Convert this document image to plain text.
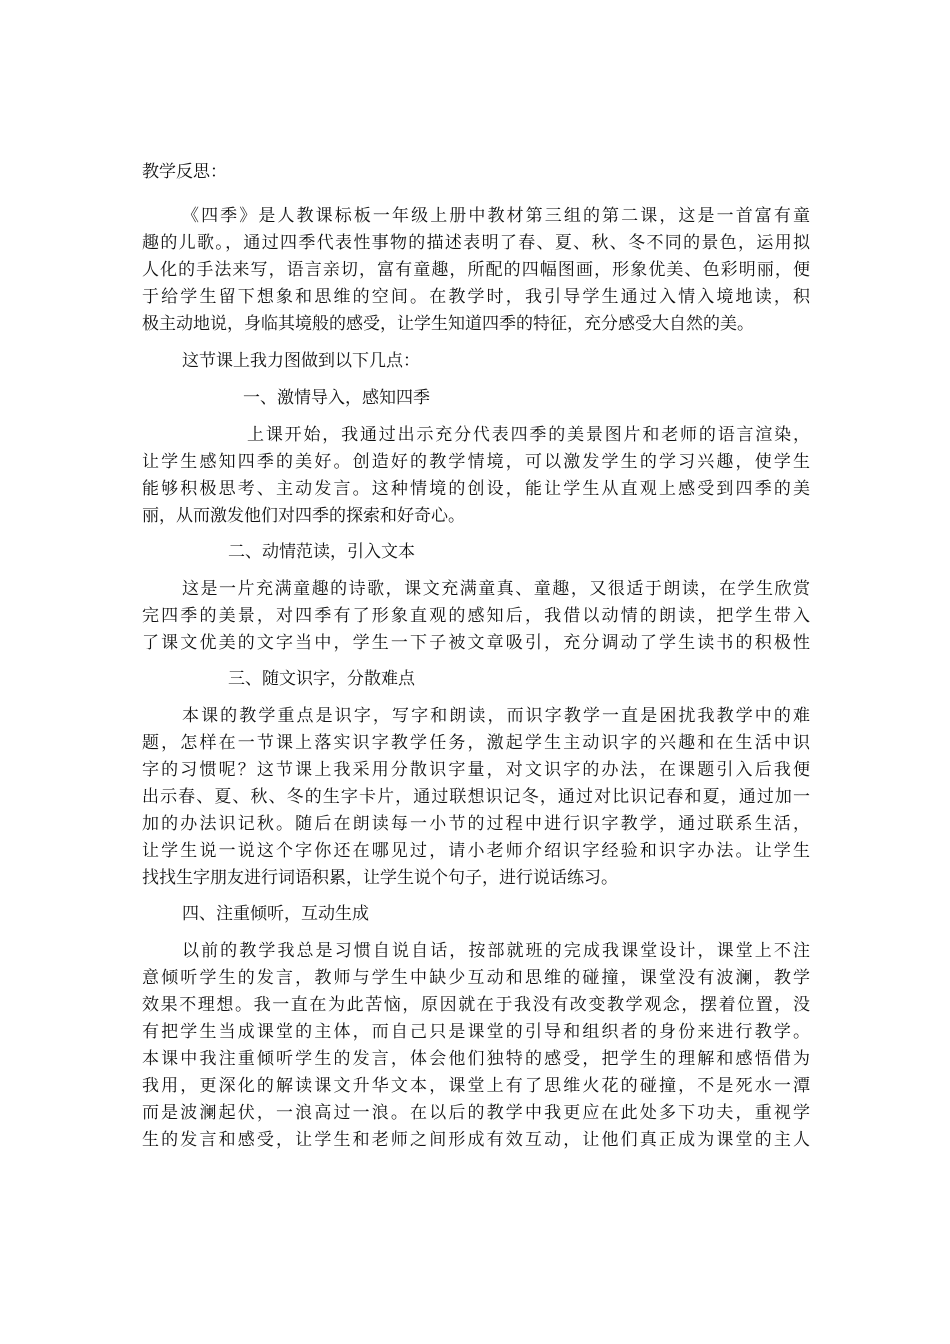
教学反思：
《四季》是人教课标板一年级上册中教材第三组的第二课，这是一首富有童
趣的儿歌。，通过四季代表性事物的描述表明了春、夏、秋、冬不同的景色，运用拟
人化的手法来写，语言亲切，富有童趣，所配的四幅图画，形象优美、色彩明丽，便
于给学生留下想象和思维的空间。在教学时，我引导学生通过入情入境地读，积
极主动地说，身临其境般的感受，让学生知道四季的特征，充分感受大自然的美。
这节课上我力图做到以下几点：
一、激情导入，感知四季
上课开始，我通过出示充分代表四季的美景图片和老师的语言渲染，
让学生感知四季的美好。创造好的教学情境，可以激发学生的学习兴趣，使学生
能够积极思考、主动发言。这种情境的创设，能让学生从直观上感受到四季的美
丽，从而激发他们对四季的探索和好奇心。
二、动情范读，引入文本
这是一片充满童趣的诗歌，课文充满童真、童趣，又很适于朗读，在学生欣赏
完四季的美景，对四季有了形象直观的感知后，我借以动情的朗读，把学生带入
了课文优美的文字当中，学生一下子被文章吸引，充分调动了学生读书的积极性
三、随文识字，分散难点
本课的教学重点是识字，写字和朗读，而识字教学一直是困扰我教学中的难
题，怎样在一节课上落实识字教学任务，激起学生主动识字的兴趣和在生活中识
字的习惯呢？这节课上我采用分散识字量，对文识字的办法，在课题引入后我便
出示春、夏、秋、冬的生字卡片，通过联想识记冬，通过对比识记春和夏，通过加一
加的办法识记秋。随后在朗读每一小节的过程中进行识字教学，通过联系生活，
让学生说一说这个字你还在哪见过，请小老师介绍识字经验和识字办法。让学生
找找生字朋友进行词语积累，让学生说个句子，进行说话练习。
四、注重倾听，互动生成
以前的教学我总是习惯自说自话，按部就班的完成我课堂设计，课堂上不注
意倾听学生的发言，教师与学生中缺少互动和思维的碰撞，课堂没有波澜，教学
效果不理想。我一直在为此苦恼，原因就在于我没有改变教学观念，摆着位置，没
有把学生当成课堂的主体，而自己只是课堂的引导和组织者的身份来进行教学。
本课中我注重倾听学生的发言，体会他们独特的感受，把学生的理解和感悟借为
我用，更深化的解读课文升华文本，课堂上有了思维火花的碰撞，不是死水一潭
而是波澜起伏，一浪高过一浪。在以后的教学中我更应在此处多下功夫，重视学
生的发言和感受，让学生和老师之间形成有效互动，让他们真正成为课堂的主人
